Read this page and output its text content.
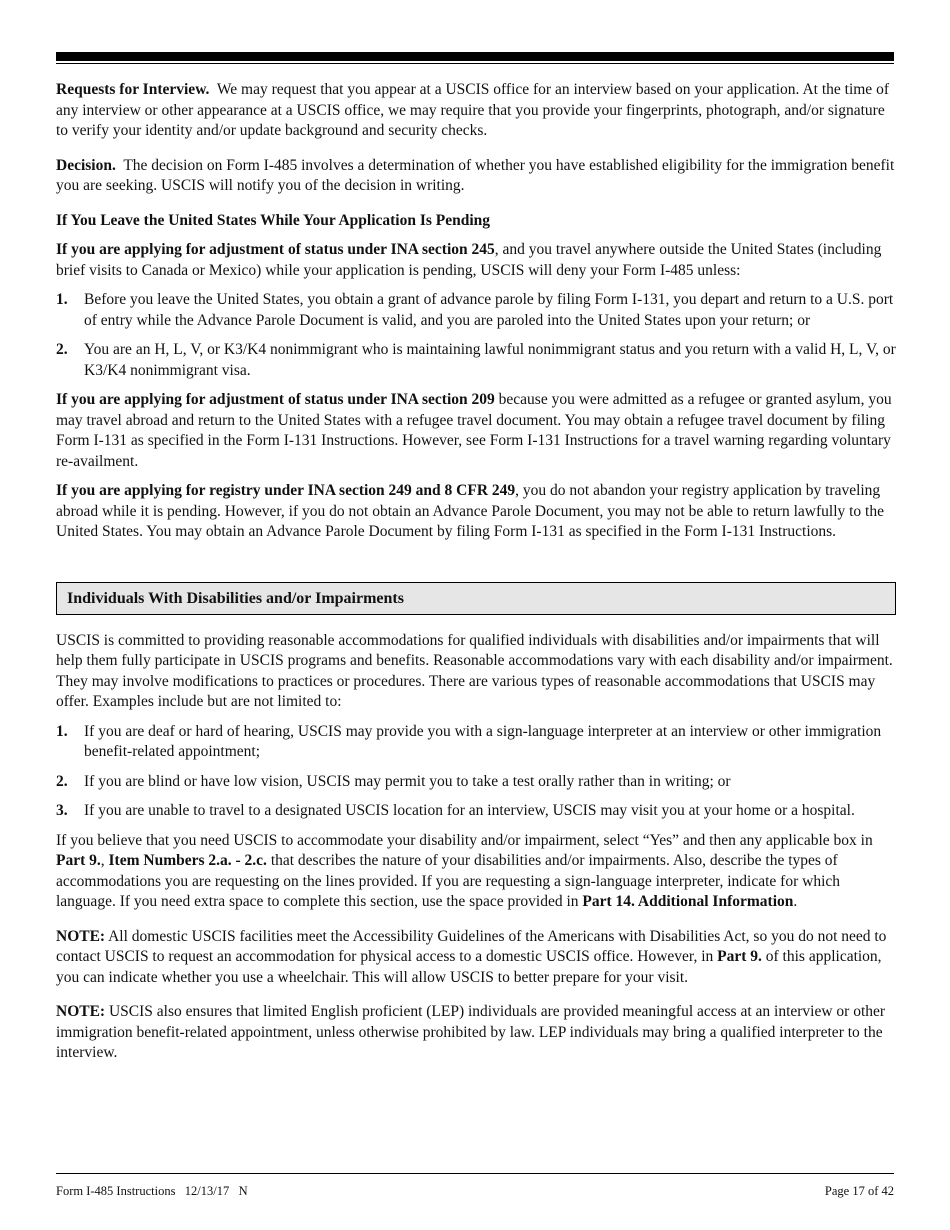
Requests for Interview. We may request that you appear at a USCIS office for an interview based on your application. At the time of any interview or other appearance at a USCIS office, we may require that you provide your fingerprints, photograph, and/or signature to verify your identity and/or update background and security checks.

Decision. The decision on Form I-485 involves a determination of whether you have established eligibility for the immigration benefit you are seeking. USCIS will notify you of the decision in writing.

If You Leave the United States While Your Application Is Pending

If you are applying for adjustment of status under INA section 245, and you travel anywhere outside the United States (including brief visits to Canada or Mexico) while your application is pending, USCIS will deny your Form I-485 unless:

1.	Before you leave the United States, you obtain a grant of advance parole by filing Form I-131, you depart and return to a U.S. port of entry while the Advance Parole Document is valid, and you are paroled into the United States upon your return; or
2.	You are an H, L, V, or K3/K4 nonimmigrant who is maintaining lawful nonimmigrant status and you return with a valid H, L, V, or K3/K4 nonimmigrant visa.

If you are applying for adjustment of status under INA section 209 because you were admitted as a refugee or granted asylum, you may travel abroad and return to the United States with a refugee travel document. You may obtain a refugee travel document by filing Form I-131 as specified in the Form I-131 Instructions. However, see Form I-131 Instructions for a travel warning regarding voluntary re-availment.

If you are applying for registry under INA section 249 and 8 CFR 249, you do not abandon your registry application by traveling abroad while it is pending. However, if you do not obtain an Advance Parole Document, you may not be able to return lawfully to the United States. You may obtain an Advance Parole Document by filing Form I-131 as specified in the Form I-131 Instructions.

Individuals With Disabilities and/or Impairments

USCIS is committed to providing reasonable accommodations for qualified individuals with disabilities and/or impairments that will help them fully participate in USCIS programs and benefits. Reasonable accommodations vary with each disability and/or impairment. They may involve modifications to practices or procedures. There are various types of reasonable accommodations that USCIS may offer. Examples include but are not limited to:

1.	If you are deaf or hard of hearing, USCIS may provide you with a sign-language interpreter at an interview or other immigration benefit-related appointment;
2.	If you are blind or have low vision, USCIS may permit you to take a test orally rather than in writing; or
3.	If you are unable to travel to a designated USCIS location for an interview, USCIS may visit you at your home or a hospital.

If you believe that you need USCIS to accommodate your disability and/or impairment, select “Yes” and then any applicable box in Part 9., Item Numbers 2.a. - 2.c. that describes the nature of your disabilities and/or impairments. Also, describe the types of accommodations you are requesting on the lines provided. If you are requesting a sign-language interpreter, indicate for which language. If you need extra space to complete this section, use the space provided in Part 14. Additional Information.

NOTE: All domestic USCIS facilities meet the Accessibility Guidelines of the Americans with Disabilities Act, so you do not need to contact USCIS to request an accommodation for physical access to a domestic USCIS office. However, in Part 9. of this application, you can indicate whether you use a wheelchair. This will allow USCIS to better prepare for your visit.

NOTE: USCIS also ensures that limited English proficient (LEP) individuals are provided meaningful access at an interview or other immigration benefit-related appointment, unless otherwise prohibited by law. LEP individuals may bring a qualified interpreter to the interview.

Form I-485 Instructions   12/13/17   N	Page 17 of 42
